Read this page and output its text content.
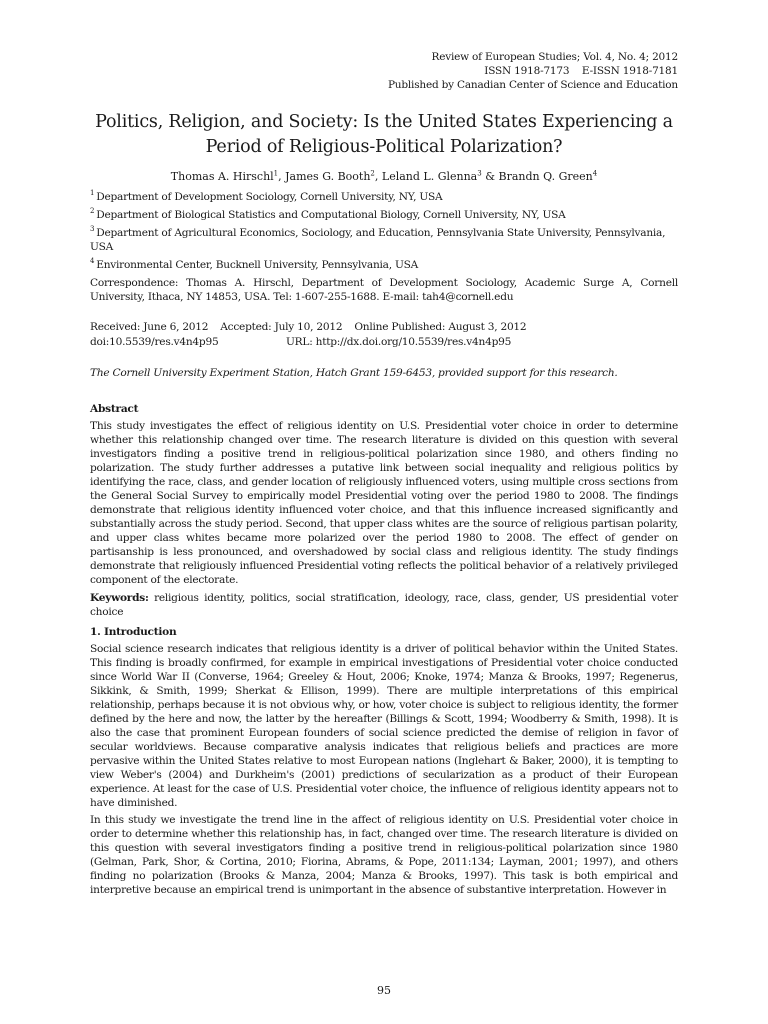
Review of European Studies; Vol. 4, No. 4; 2012
ISSN 1918-7173    E-ISSN 1918-7181
Published by Canadian Center of Science and Education
Politics, Religion, and Society: Is the United States Experiencing a
Period of Religious-Political Polarization?
Thomas A. Hirschl$^1$, James G. Booth$^2$, Leland L. Glenna$^3$ & Brandn Q. Green$^4$
$^1$ Department of Development Sociology, Cornell University, NY, USA
$^2$ Department of Biological Statistics and Computational Biology, Cornell University, NY, USA
$^3$ Department of Agricultural Economics, Sociology, and Education, Pennsylvania State University, Pennsylvania, USA
$^4$ Environmental Center, Bucknell University, Pennsylvania, USA
Correspondence: Thomas A. Hirschl, Department of Development Sociology, Academic Surge A, Cornell University, Ithaca, NY 14853, USA. Tel: 1-607-255-1688. E-mail: tah4@cornell.edu
Received: June 6, 2012 Accepted: July 10, 2012 Online Published: August 3, 2012
doi:10.5539/res.v4n4p95	URL: http://dx.doi.org/10.5539/res.v4n4p95
The Cornell University Experiment Station, Hatch Grant 159-6453, provided support for this research.
Abstract
This study investigates the effect of religious identity on U.S. Presidential voter choice in order to determine whether this relationship changed over time. The research literature is divided on this question with several investigators finding a positive trend in religious-political polarization since 1980, and others finding no polarization. The study further addresses a putative link between social inequality and religious politics by identifying the race, class, and gender location of religiously influenced voters, using multiple cross sections from the General Social Survey to empirically model Presidential voting over the period 1980 to 2008. The findings demonstrate that religious identity influenced voter choice, and that this influence increased significantly and substantially across the study period. Second, that upper class whites are the source of religious partisan polarity, and upper class whites became more polarized over the period 1980 to 2008. The effect of gender on partisanship is less pronounced, and overshadowed by social class and religious identity. The study findings demonstrate that religiously influenced Presidential voting reflects the political behavior of a relatively privileged component of the electorate.
Keywords: religious identity, politics, social stratification, ideology, race, class, gender, US presidential voter choice
1. Introduction
Social science research indicates that religious identity is a driver of political behavior within the United States. This finding is broadly confirmed, for example in empirical investigations of Presidential voter choice conducted since World War II (Converse, 1964; Greeley & Hout, 2006; Knoke, 1974; Manza & Brooks, 1997; Regenerus, Sikkink, & Smith, 1999; Sherkat & Ellison, 1999). There are multiple interpretations of this empirical relationship, perhaps because it is not obvious why, or how, voter choice is subject to religious identity, the former defined by the here and now, the latter by the hereafter (Billings & Scott, 1994; Woodberry & Smith, 1998). It is also the case that prominent European founders of social science predicted the demise of religion in favor of secular worldviews. Because comparative analysis indicates that religious beliefs and practices are more pervasive within the United States relative to most European nations (Inglehart & Baker, 2000), it is tempting to view Weber's (2004) and Durkheim's (2001) predictions of secularization as a product of their European experience. At least for the case of U.S. Presidential voter choice, the influence of religious identity appears not to have diminished.
In this study we investigate the trend line in the affect of religious identity on U.S. Presidential voter choice in order to determine whether this relationship has, in fact, changed over time. The research literature is divided on this question with several investigators finding a positive trend in religious-political polarization since 1980 (Gelman, Park, Shor, & Cortina, 2010; Fiorina, Abrams, & Pope, 2011:134; Layman, 2001; 1997), and others finding no polarization (Brooks & Manza, 2004; Manza & Brooks, 1997). This task is both empirical and interpretive because an empirical trend is unimportant in the absence of substantive interpretation. However in
95
